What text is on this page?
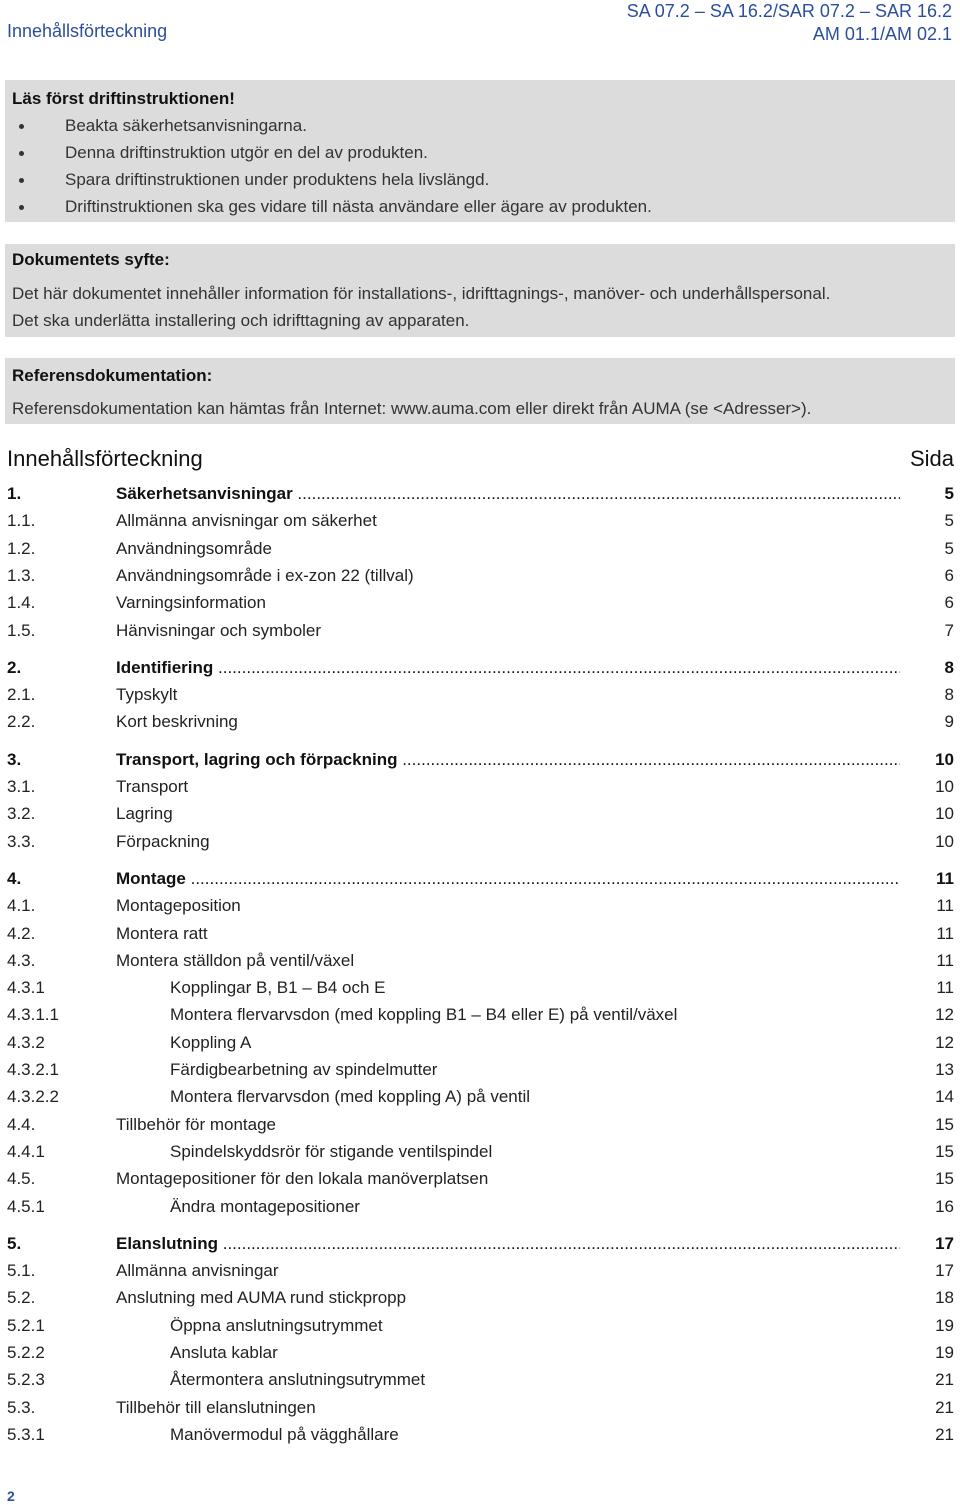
Innehållsförteckning
SA 07.2 – SA 16.2/SAR 07.2 – SAR 16.2
AM 01.1/AM 02.1
Läs först driftinstruktionen!
Beakta säkerhetsanvisningarna.
Denna driftinstruktion utgör en del av produkten.
Spara driftinstruktionen under produktens hela livslängd.
Driftinstruktionen ska ges vidare till nästa användare eller ägare av produkten.
Dokumentets syfte:
Det här dokumentet innehåller information för installations-, idrifttagnings-, manöver- och underhållspersonal.
Det ska underlätta installering och idrifttagning av apparaten.
Referensdokumentation:
Referensdokumentation kan hämtas från Internet: www.auma.com eller direkt från AUMA (se <Adresser>).
Innehållsförteckning	Sida
1.	Säkerhetsanvisningar .....	5
1.1.	Allmänna anvisningar om säkerhet	5
1.2.	Användningsområde	5
1.3.	Användningsområde i ex-zon 22 (tillval)	6
1.4.	Varningsinformation	6
1.5.	Hänvisningar och symboler	7
2.	Identifiering .....	8
2.1.	Typskylt	8
2.2.	Kort beskrivning	9
3.	Transport, lagring och förpackning .....	10
3.1.	Transport	10
3.2.	Lagring	10
3.3.	Förpackning	10
4.	Montage .....	11
4.1.	Montageposition	11
4.2.	Montera ratt	11
4.3.	Montera ställdon på ventil/växel	11
4.3.1	Kopplingar B, B1 – B4 och E	11
4.3.1.1	Montera flervarvsdon (med koppling B1 – B4 eller E) på ventil/växel	12
4.3.2	Koppling A	12
4.3.2.1	Färdigbearbetning av spindelmutter	13
4.3.2.2	Montera flervarvsdon (med koppling A) på ventil	14
4.4.	Tillbehör för montage	15
4.4.1	Spindelskyddsrör för stigande ventilspindel	15
4.5.	Montagepositioner för den lokala manöverplatsen	15
4.5.1	Ändra montagepositioner	16
5.	Elanslutning .....	17
5.1.	Allmänna anvisningar	17
5.2.	Anslutning med AUMA rund stickpropp	18
5.2.1	Öppna anslutningsutrymmet	19
5.2.2	Ansluta kablar	19
5.2.3	Återmontera anslutningsutrymmet	21
5.3.	Tillbehör till elanslutningen	21
5.3.1	Manövermodul på vägghållare	21
2
